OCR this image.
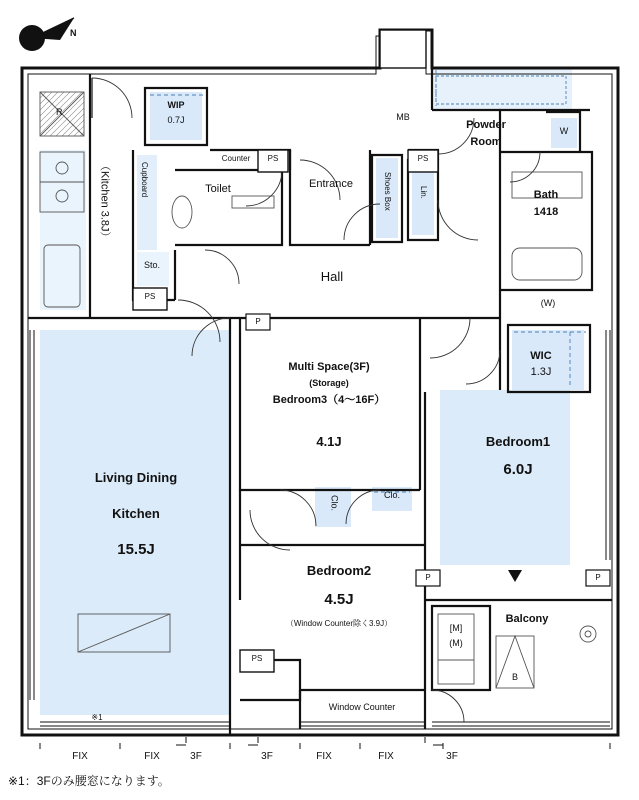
N
R
（Kitchen 3.8J）	Cupboard
WIP
0.7J
Counter PS	PS
PS
PS
MB
Toilet	Entrance	Shoes Box	Lin.
Sto.
Hall
Powder
Room
W
Bath
1418
(W)
WIC
1.3J
P
P	P
Multi Space(3F)
(Storage)
Bedroom3（4～16F）
4.1J
Living Dining
Kitchen
15.5J
Bedroom1
6.0J
Clo.	Clo.
Bedroom2
4.5J
（Window Counter除く3.9J）	Balcony
[M]
(M)
B
Window Counter
※1
FIX	FIX	3F	3F	FIX	FIX	3F
※1：3Fのみ腰窓になります。
